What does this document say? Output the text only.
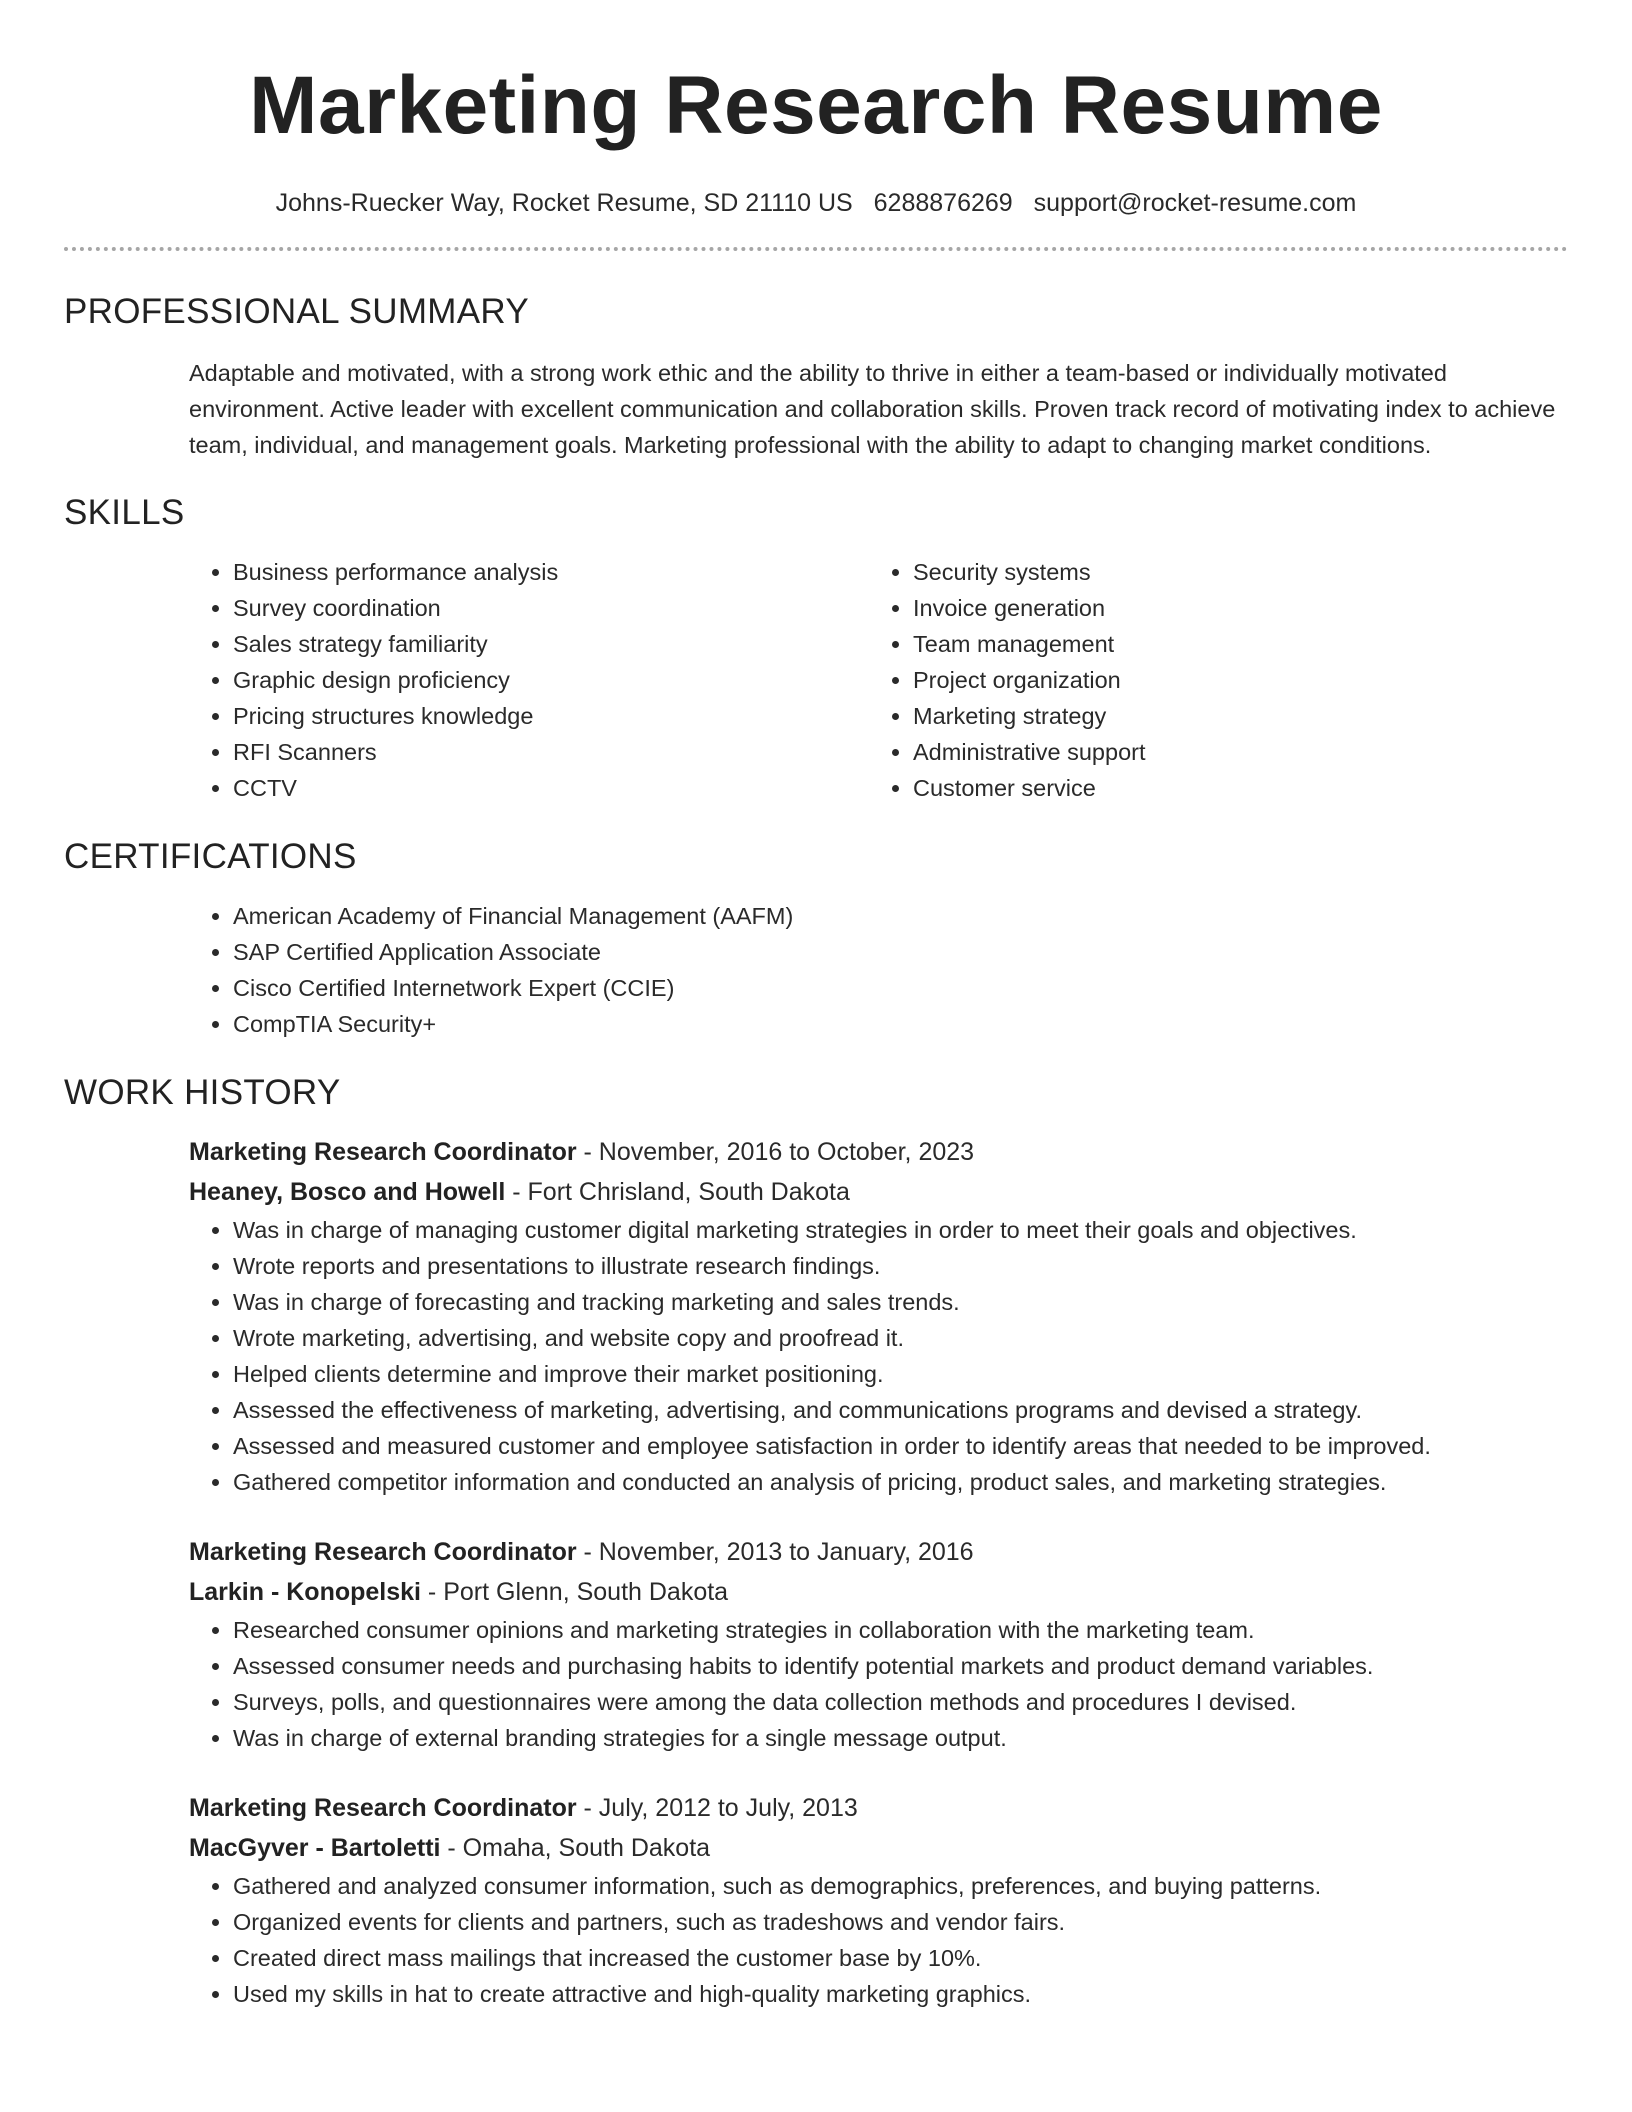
Marketing Research Resume
Johns-Ruecker Way, Rocket Resume, SD 21110 US 6288876269 support@rocket-resume.com
PROFESSIONAL SUMMARY
Adaptable and motivated, with a strong work ethic and the ability to thrive in either a team-based or individually motivated environment. Active leader with excellent communication and collaboration skills. Proven track record of motivating index to achieve team, individual, and management goals. Marketing professional with the ability to adapt to changing market conditions.
SKILLS
• Business performance analysis
• Survey coordination
• Sales strategy familiarity
• Graphic design proficiency
• Pricing structures knowledge
• RFI Scanners
• CCTV
• Security systems
• Invoice generation
• Team management
• Project organization
• Marketing strategy
• Administrative support
• Customer service
CERTIFICATIONS
• American Academy of Financial Management (AAFM)
• SAP Certified Application Associate
• Cisco Certified Internetwork Expert (CCIE)
• CompTIA Security+
WORK HISTORY
Marketing Research Coordinator - November, 2016 to October, 2023
Heaney, Bosco and Howell - Fort Chrisland, South Dakota
• Was in charge of managing customer digital marketing strategies in order to meet their goals and objectives.
• Wrote reports and presentations to illustrate research findings.
• Was in charge of forecasting and tracking marketing and sales trends.
• Wrote marketing, advertising, and website copy and proofread it.
• Helped clients determine and improve their market positioning.
• Assessed the effectiveness of marketing, advertising, and communications programs and devised a strategy.
• Assessed and measured customer and employee satisfaction in order to identify areas that needed to be improved.
• Gathered competitor information and conducted an analysis of pricing, product sales, and marketing strategies.
Marketing Research Coordinator - November, 2013 to January, 2016
Larkin - Konopelski - Port Glenn, South Dakota
• Researched consumer opinions and marketing strategies in collaboration with the marketing team.
• Assessed consumer needs and purchasing habits to identify potential markets and product demand variables.
• Surveys, polls, and questionnaires were among the data collection methods and procedures I devised.
• Was in charge of external branding strategies for a single message output.
Marketing Research Coordinator - July, 2012 to July, 2013
MacGyver - Bartoletti - Omaha, South Dakota
• Gathered and analyzed consumer information, such as demographics, preferences, and buying patterns.
• Organized events for clients and partners, such as tradeshows and vendor fairs.
• Created direct mass mailings that increased the customer base by 10%.
• Used my skills in hat to create attractive and high-quality marketing graphics.
